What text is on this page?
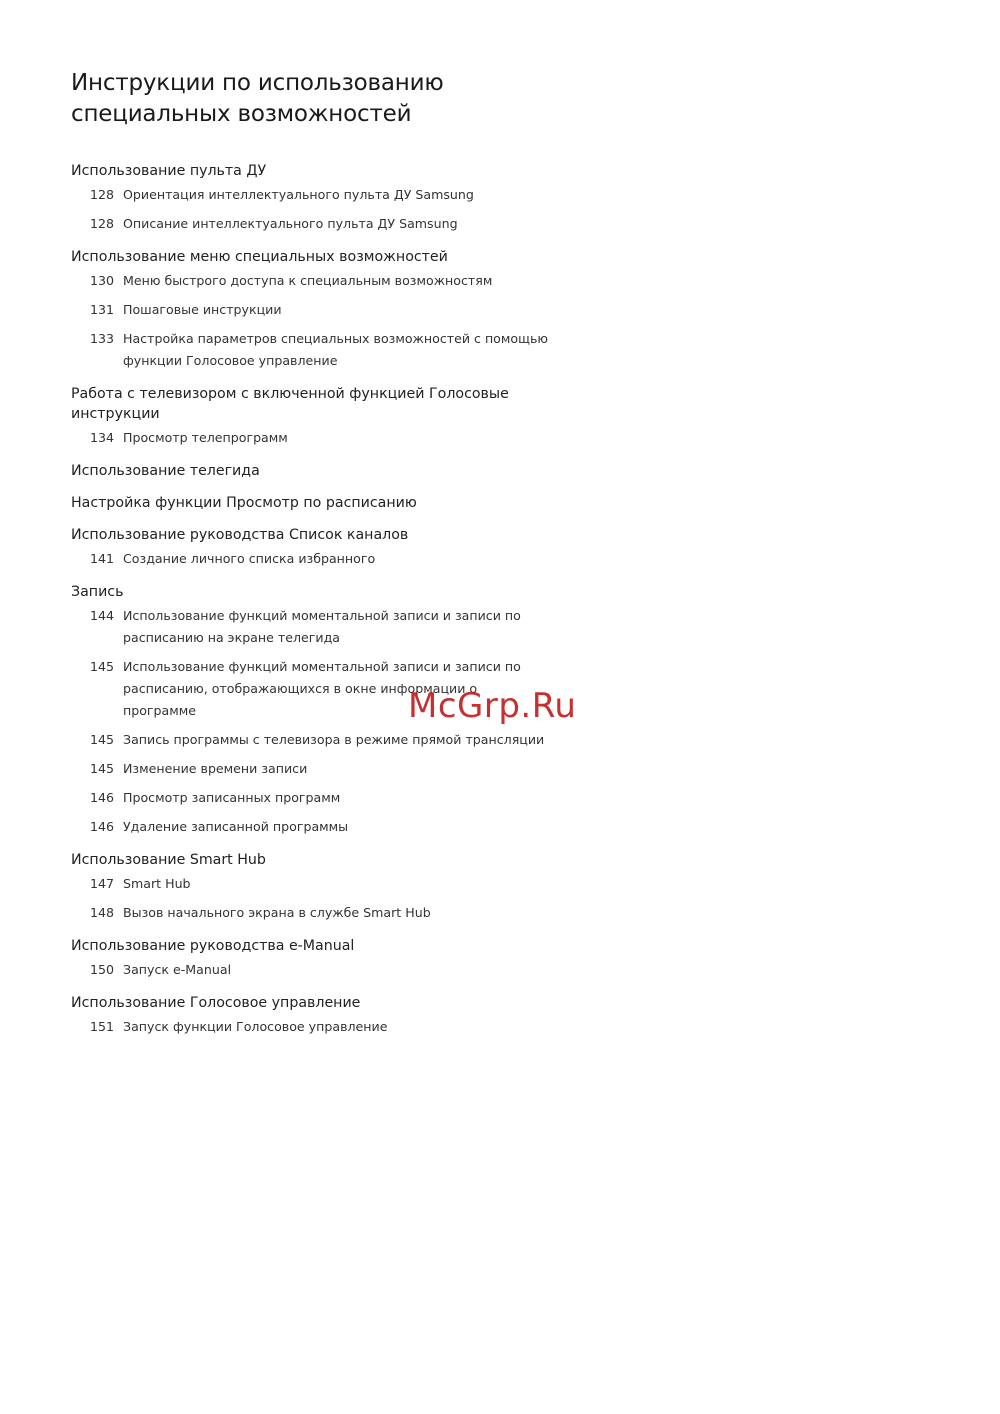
Инструкции по использованию
специальных возможностей
Использование пульта ДУ
128 Ориентация интеллектуального пульта ДУ Samsung
128 Описание интеллектуального пульта ДУ Samsung
Использование меню специальных возможностей
130 Меню быстрого доступа к специальным возможностям
131 Пошаговые инструкции
133 Настройка параметров специальных возможностей с помощью функции Голосовое управление
Работа с телевизором с включенной функцией Голосовые инструкции
134 Просмотр телепрограмм
Использование телегида
Настройка функции Просмотр по расписанию
Использование руководства Список каналов
141 Создание личного списка избранного
Запись
144 Использование функций моментальной записи и записи по расписанию на экране телегида
145 Использование функций моментальной записи и записи по расписанию, отображающихся в окне информации о программе
145 Запись программы с телевизора в режиме прямой трансляции
145 Изменение времени записи
146 Просмотр записанных программ
146 Удаление записанной программы
Использование Smart Hub
147 Smart Hub
148 Вызов начального экрана в службе Smart Hub
Использование руководства e-Manual
150 Запуск e-Manual
Использование Голосовое управление
151 Запуск функции Голосовое управление
McGrp.Ru
